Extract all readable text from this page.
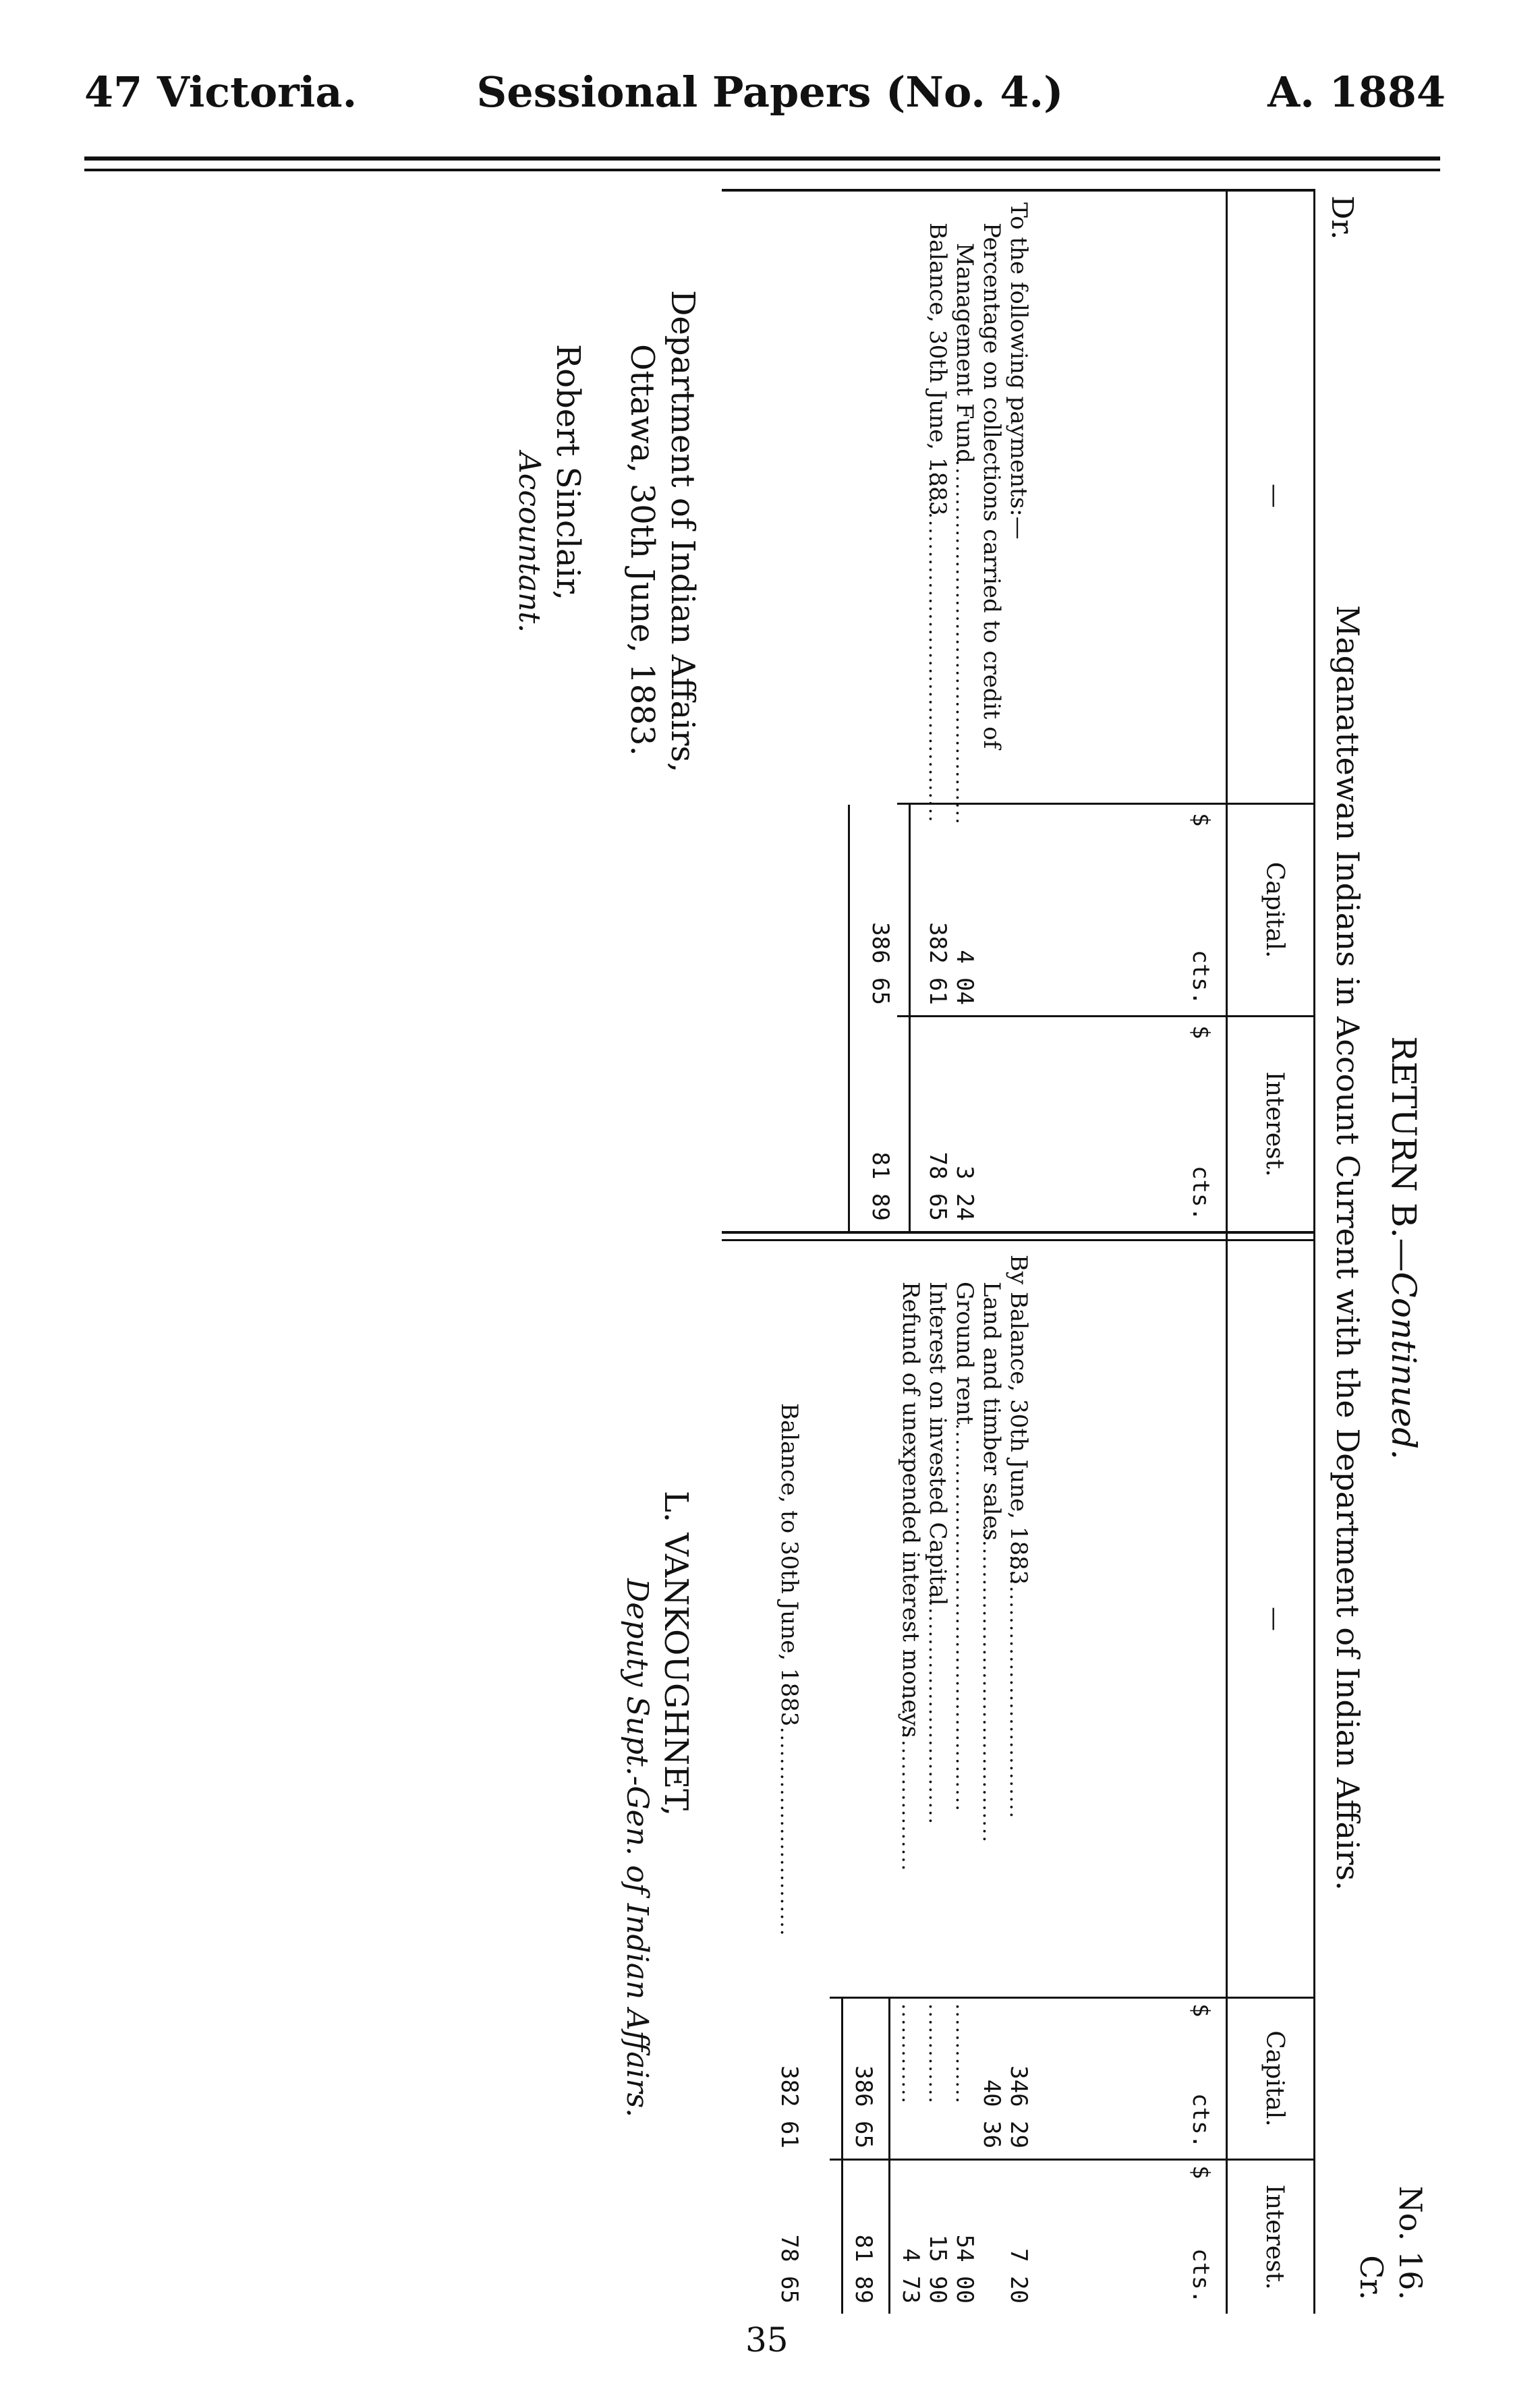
47 Victoria.	Sessional Papers (No. 4.)	A. 1884
RETURN B.—Continued.
No. 16.
Cr.
Maganattewan Indians in Account Current with the Department of Indian Affairs.
Dr.
—
Capital.
Interest.
$
cts.
$
cts.
To the following payments:—
Percentage on collections carried to credit of
Management Fund
................................................
Balance, 30th June, 1883
..............................................
4 04
382 61
3 24
78 65
386 65
81 89
—
Capital.
Interest.
$
cts.
$
cts.
By Balance, 30th June, 1883
..................................
Land and timber sales
.........................................
Ground rent
..................................................
Interest on invested Capital
..............................
Refund of unexpended interest moneys
.......................
346 29
40 36
.............
.............
.............
7 20
54 00
15 90
4 73
386 65
81 89
Balance, to 30th June, 1883
...........................
382 61
78 65
Department of Indian Affairs,
Ottawa, 30th June, 1883.
Robert Sinclair,
Accountant.
L. VANKOUGHNET,
Deputy Supt.-Gen. of Indian Affairs.
35
